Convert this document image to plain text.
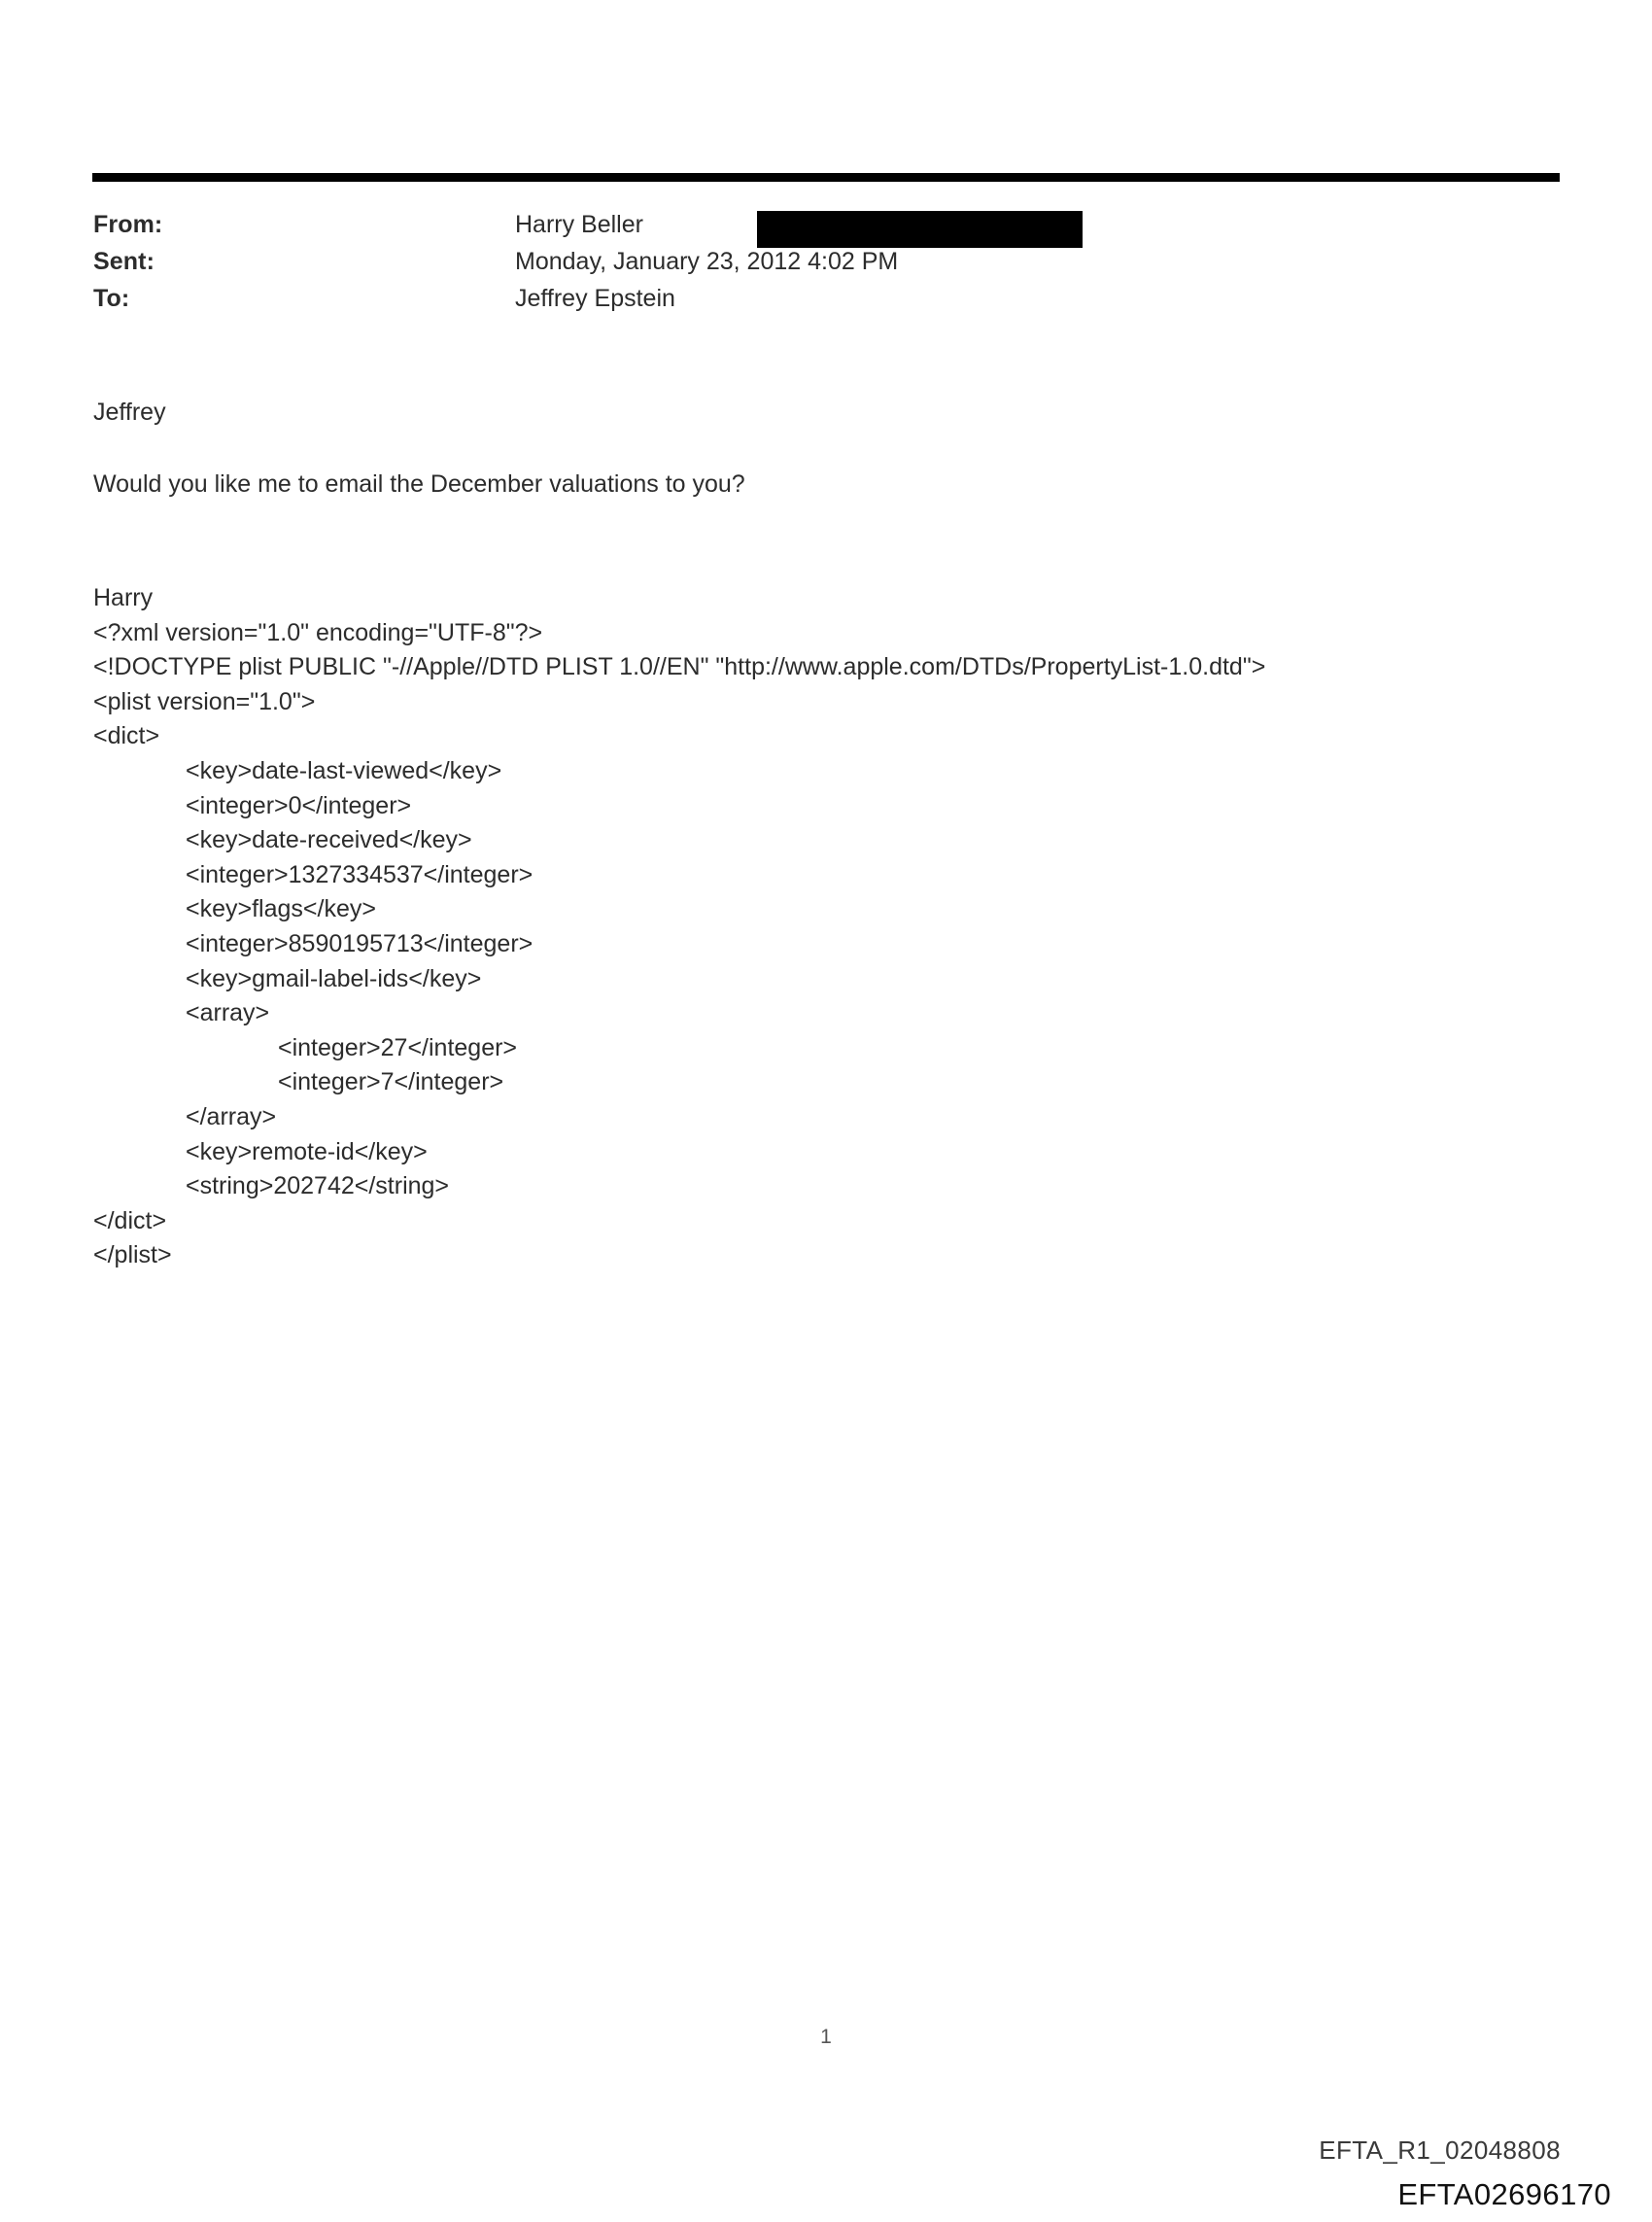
From:	Harry Beller
Sent:	Monday, January 23, 2012 4:02 PM
To:	Jeffrey Epstein
Jeffrey
Would you like me to email the December valuations to you?
Harry
<?xml version="1.0" encoding="UTF-8"?>
<!DOCTYPE plist PUBLIC "-//Apple//DTD PLIST 1.0//EN" "http://www.apple.com/DTDs/PropertyList-1.0.dtd">
<plist version="1.0">
<dict>
<key>date-last-viewed</key>
<integer>0</integer>
<key>date-received</key>
<integer>1327334537</integer>
<key>flags</key>
<integer>8590195713</integer>
<key>gmail-label-ids</key>
<array>
<integer>27</integer>
<integer>7</integer>
</array>
<key>remote-id</key>
<string>202742</string>
</dict>
</plist>
1
EFTA_R1_02048808
EFTA02696170
